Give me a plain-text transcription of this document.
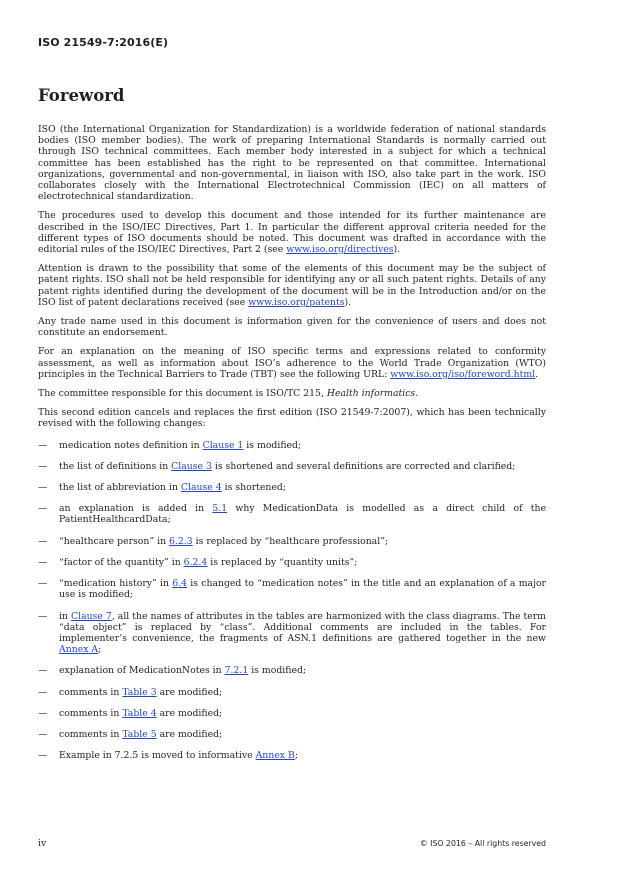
ISO 21549-7:2016(E)
Foreword

ISO (the International Organization for Standardization) is a worldwide federation of national standards bodies (ISO member bodies). The work of preparing International Standards is normally carried out through ISO technical committees. Each member body interested in a subject for which a technical committee has been established has the right to be represented on that committee. International organizations, governmental and non-governmental, in liaison with ISO, also take part in the work. ISO collaborates closely with the International Electrotechnical Commission (IEC) on all matters of electrotechnical standardization.

The procedures used to develop this document and those intended for its further maintenance are described in the ISO/IEC Directives, Part 1. In particular the different approval criteria needed for the different types of ISO documents should be noted. This document was drafted in accordance with the editorial rules of the ISO/IEC Directives, Part 2 (see www.iso.org/directives).

Attention is drawn to the possibility that some of the elements of this document may be the subject of patent rights. ISO shall not be held responsible for identifying any or all such patent rights. Details of any patent rights identified during the development of the document will be in the Introduction and/or on the ISO list of patent declarations received (see www.iso.org/patents).

Any trade name used in this document is information given for the convenience of users and does not constitute an endorsement.

For an explanation on the meaning of ISO specific terms and expressions related to conformity assessment, as well as information about ISO’s adherence to the World Trade Organization (WTO) principles in the Technical Barriers to Trade (TBT) see the following URL: www.iso.org/iso/foreword.html.

The committee responsible for this document is ISO/TC 215, Health informatics.

This second edition cancels and replaces the first edition (ISO 21549-7:2007), which has been technically revised with the following changes:

— medication notes definition in Clause 1 is modified;
— the list of definitions in Clause 3 is shortened and several definitions are corrected and clarified;
— the list of abbreviation in Clause 4 is shortened;
— an explanation is added in 5.1 why MedicationData is modelled as a direct child of the PatientHealthcardData;
— “healthcare person” in 6.2.3 is replaced by “healthcare professional”;
— “factor of the quantity” in 6.2.4 is replaced by “quantity units”;
— “medication history” in 6.4 is changed to “medication notes” in the title and an explanation of a major use is modified;
— in Clause 7, all the names of attributes in the tables are harmonized with the class diagrams. The term “data object” is replaced by “class”. Additional comments are included in the tables. For implementer’s convenience, the fragments of ASN.1 definitions are gathered together in the new Annex A;
— explanation of MedicationNotes in 7.2.1 is modified;
— comments in Table 3 are modified;
— comments in Table 4 are modified;
— comments in Table 5 are modified;
— Example in 7.2.5 is moved to informative Annex B;
iv	© ISO 2016 – All rights reserved
